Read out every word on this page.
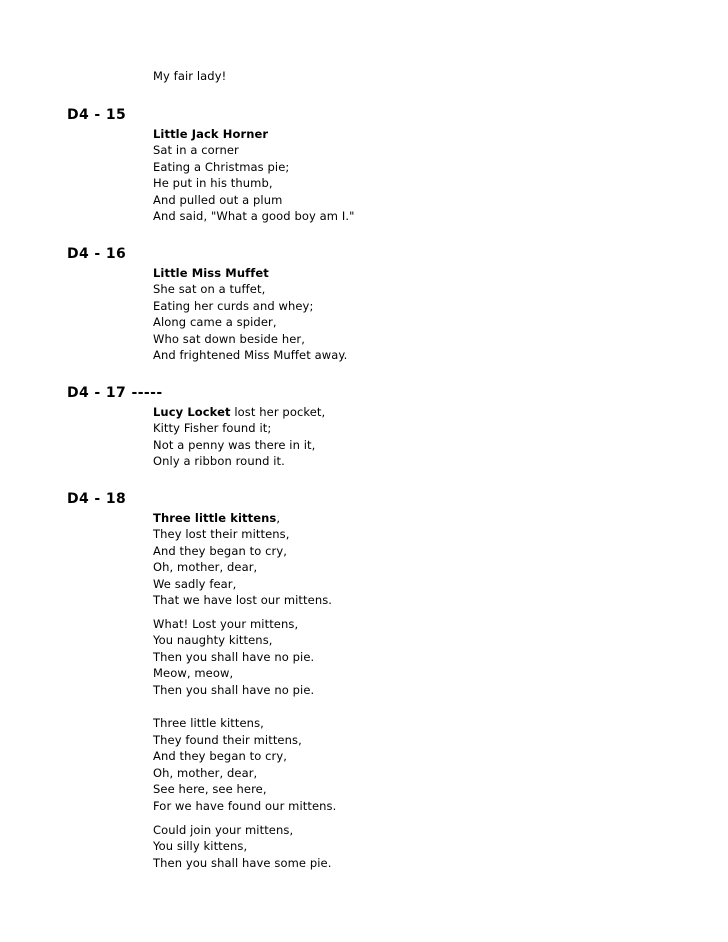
My fair lady!
D4 - 15
Little Jack Horner
Sat in a corner
Eating a Christmas pie;
He put in his thumb,
And pulled out a plum
And said, "What a good boy am I."
D4 - 16
Little Miss Muffet
She sat on a tuffet,
Eating her curds and whey;
Along came a spider,
Who sat down beside her,
And frightened Miss Muffet away.
D4 - 17 -----
Lucy Locket lost her pocket,
Kitty Fisher found it;
Not a penny was there in it,
Only a ribbon round it.
D4 - 18
Three little kittens,
They lost their mittens,
And they began to cry,
Oh, mother, dear,
We sadly fear,
That we have lost our mittens.
What! Lost your mittens,
You naughty kittens,
Then you shall have no pie.
Meow, meow,
Then you shall have no pie.
Three little kittens,
They found their mittens,
And they began to cry,
Oh, mother, dear,
See here, see here,
For we have found our mittens.
Could join your mittens,
You silly kittens,
Then you shall have some pie.
